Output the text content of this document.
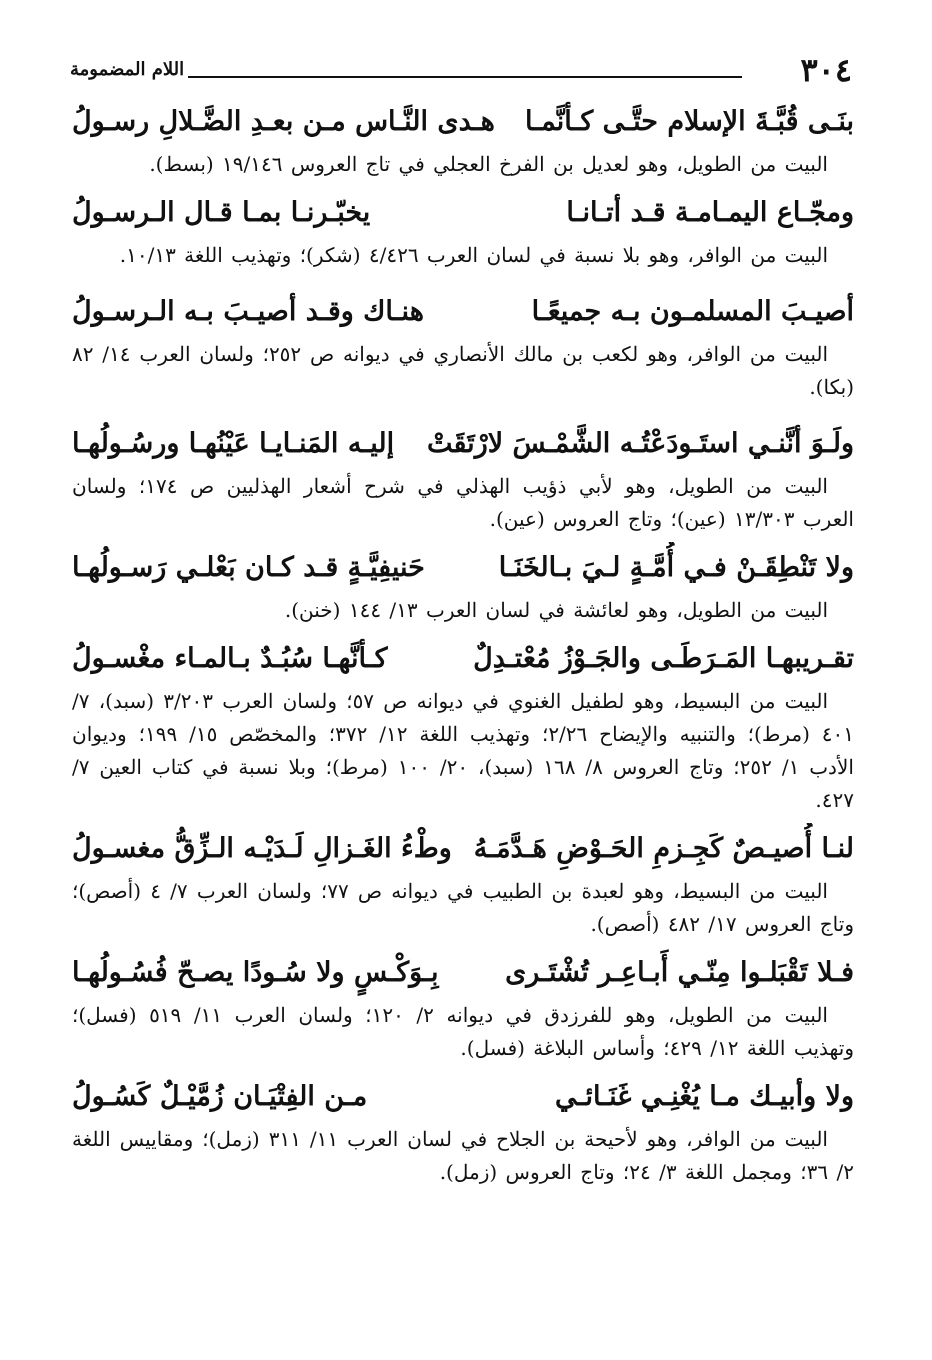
٣٠٤
اللام المضمومة
بنَـى قُبَّـةَ الإسلام حتَّـى كـأنَّمـا
هـدى النَّـاس مـن بعـدِ الضَّـلالِ رسـولُ

البيت من الطويل، وهو لعديل بن الفرخ العجلي في تاج العروس ١٩/١٤٦ (بسط).

ومجّـاع اليمـامـة قـد أتـانـا
يخبّـرنـا بمـا قـال الـرسـولُ

البيت من الوافر، وهو بلا نسبة في لسان العرب ٤/٤٢٦ (شكر)؛ وتهذيب اللغة ١٠/١٣.

أصيـبَ المسلمـون بـه جميعًـا
هنـاك وقـد أصيـبَ بـه الـرسـولُ

البيت من الوافر، وهو لكعب بن مالك الأنصاري في ديوانه ص ٢٥٢؛ ولسان العرب ١٤/ ٨٢ (بكا).

ولَـوَ أنَّنـي استَـودَعْتُـه الشَّمْـسَ لارْتَقَتْ
إليـه المَنـايـا عَيْنُهـا ورسُـولُهـا

البيت من الطويل، وهو لأبي ذؤيب الهذلي في شرح أشعار الهذليين ص ١٧٤؛ ولسان العرب ١٣/٣٠٣ (عين)؛ وتاج العروس (عين).

ولا تَنْطِقَـنْ فـي أُمَّـةٍ لـيَ بـالخَنَـا
حَنيفِيَّـةٍ قـد كـان بَعْلـي رَسـولُهـا

البيت من الطويل، وهو لعائشة في لسان العرب ١٣/ ١٤٤ (خنن).

تقـريبهـا المَـرَطَـى والجَـوْزُ مُعْتـدِلٌ
كـأنَّهـا سُبُـدٌ بـالمـاء مغْسـولُ

البيت من البسيط، وهو لطفيل الغنوي في ديوانه ص ٥٧؛ ولسان العرب ٣/٢٠٣ (سبد)، ٧/ ٤٠١ (مرط)؛ والتنبيه والإيضاح ٢/٢٦؛ وتهذيب اللغة ١٢/ ٣٧٢؛ والمخصّص ١٥/ ١٩٩؛ وديوان الأدب ١/ ٢٥٢؛ وتاج العروس ٨/ ١٦٨ (سبد)، ٢٠/ ١٠٠ (مرط)؛ وبلا نسبة في كتاب العين ٧/ ٤٢٧.

لنـا أُصيـصٌ كَجِـزمِ الحَـوْضِ هَـدَّمَـهُ
وطْءُ الغَـزالِ لَـدَيْـه الـزِّقُّ مغسـولُ

البيت من البسيط، وهو لعبدة بن الطبيب في ديوانه ص ٧٧؛ ولسان العرب ٧/ ٤ (أصص)؛ وتاج العروس ١٧/ ٤٨٢ (أصص).

فـلا تَقْبَلـوا مِنّـي أَبـاعِـر تُشْتَـرى
بِـوَكْـسٍ ولا سُـودًا يصـحّ فُسُـولُهـا

البيت من الطويل، وهو للفرزدق في ديوانه ٢/ ١٢٠؛ ولسان العرب ١١/ ٥١٩ (فسل)؛ وتهذيب اللغة ١٢/ ٤٢٩؛ وأساس البلاغة (فسل).

ولا وأبيـك مـا يُغْنِـي غَنَـائـي
مـن الفِتْيَـان زُمَّيْـلٌ كَسُـولُ

البيت من الوافر، وهو لأحيحة بن الجلاح في لسان العرب ١١/ ٣١١ (زمل)؛ ومقاييس اللغة ٢/ ٣٦؛ ومجمل اللغة ٣/ ٢٤؛ وتاج العروس (زمل).
